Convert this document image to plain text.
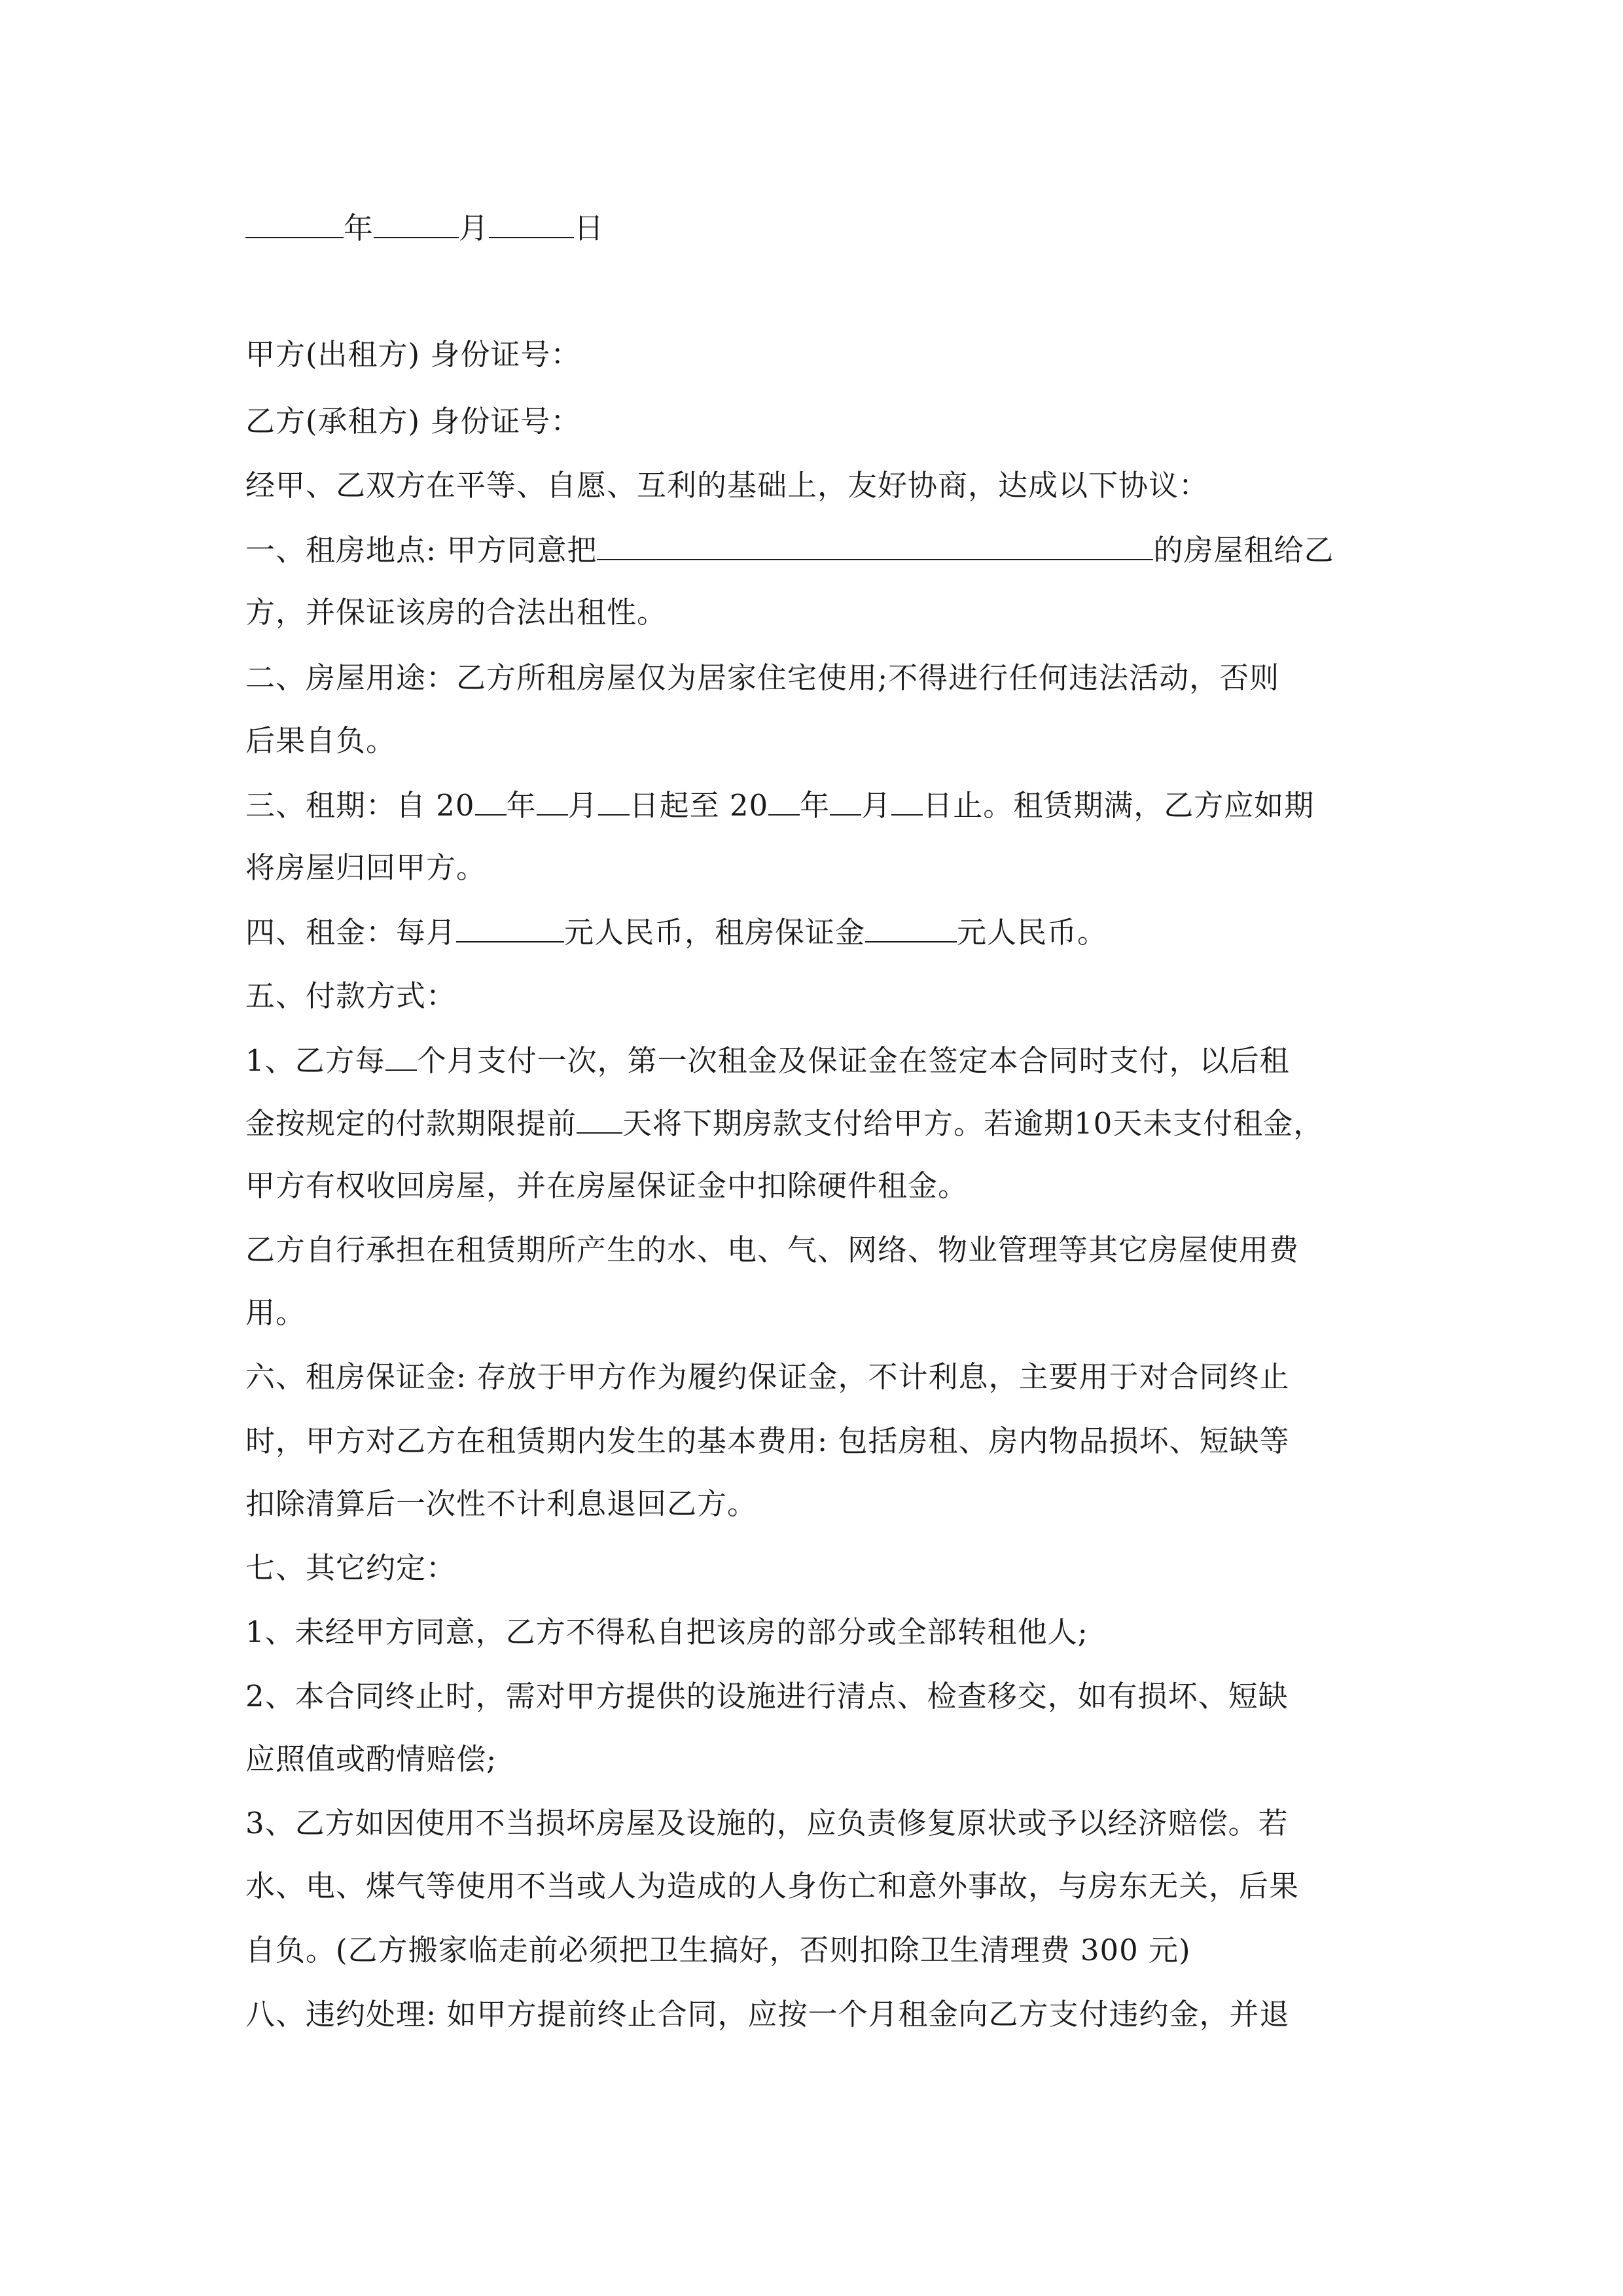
年	月	日
甲方(出租方) 身份证号：
乙方(承租方) 身份证号：
经甲、乙双方在平等、自愿、互利的基础上，友好协商，达成以下协议：
一、租房地点: 甲方同意把	的房屋租给乙
方，并保证该房的合法出租性。
二、房屋用途：乙方所租房屋仅为居家住宅使用;不得进行任何违法活动，否则
后果自负。
三、租期：自 20 年 月 日起至 20 年 月 日止。租赁期满，乙方应如期
将房屋归回甲方。
四、租金：每月	元人民币，租房保证金	元人民币。
五、付款方式：
1、乙方每 个月支付一次，第一次租金及保证金在签定本合同时支付，以后租
金按规定的付款期限提前 天将下期房款支付给甲方。若逾期10天未支付租金，
甲方有权收回房屋，并在房屋保证金中扣除硬件租金。
乙方自行承担在租赁期所产生的水、电、气、网络、物业管理等其它房屋使用费
用。
六、租房保证金: 存放于甲方作为履约保证金，不计利息，主要用于对合同终止
时，甲方对乙方在租赁期内发生的基本费用: 包括房租、房内物品损坏、短缺等
扣除清算后一次性不计利息退回乙方。
七、其它约定：
1、未经甲方同意，乙方不得私自把该房的部分或全部转租他人;
2、本合同终止时，需对甲方提供的设施进行清点、检查移交，如有损坏、短缺
应照值或酌情赔偿;
3、乙方如因使用不当损坏房屋及设施的，应负责修复原状或予以经济赔偿。若
水、电、煤气等使用不当或人为造成的人身伤亡和意外事故，与房东无关，后果
自负。(乙方搬家临走前必须把卫生搞好，否则扣除卫生清理费 300 元)
八、违约处理: 如甲方提前终止合同，应按一个月租金向乙方支付违约金，并退
